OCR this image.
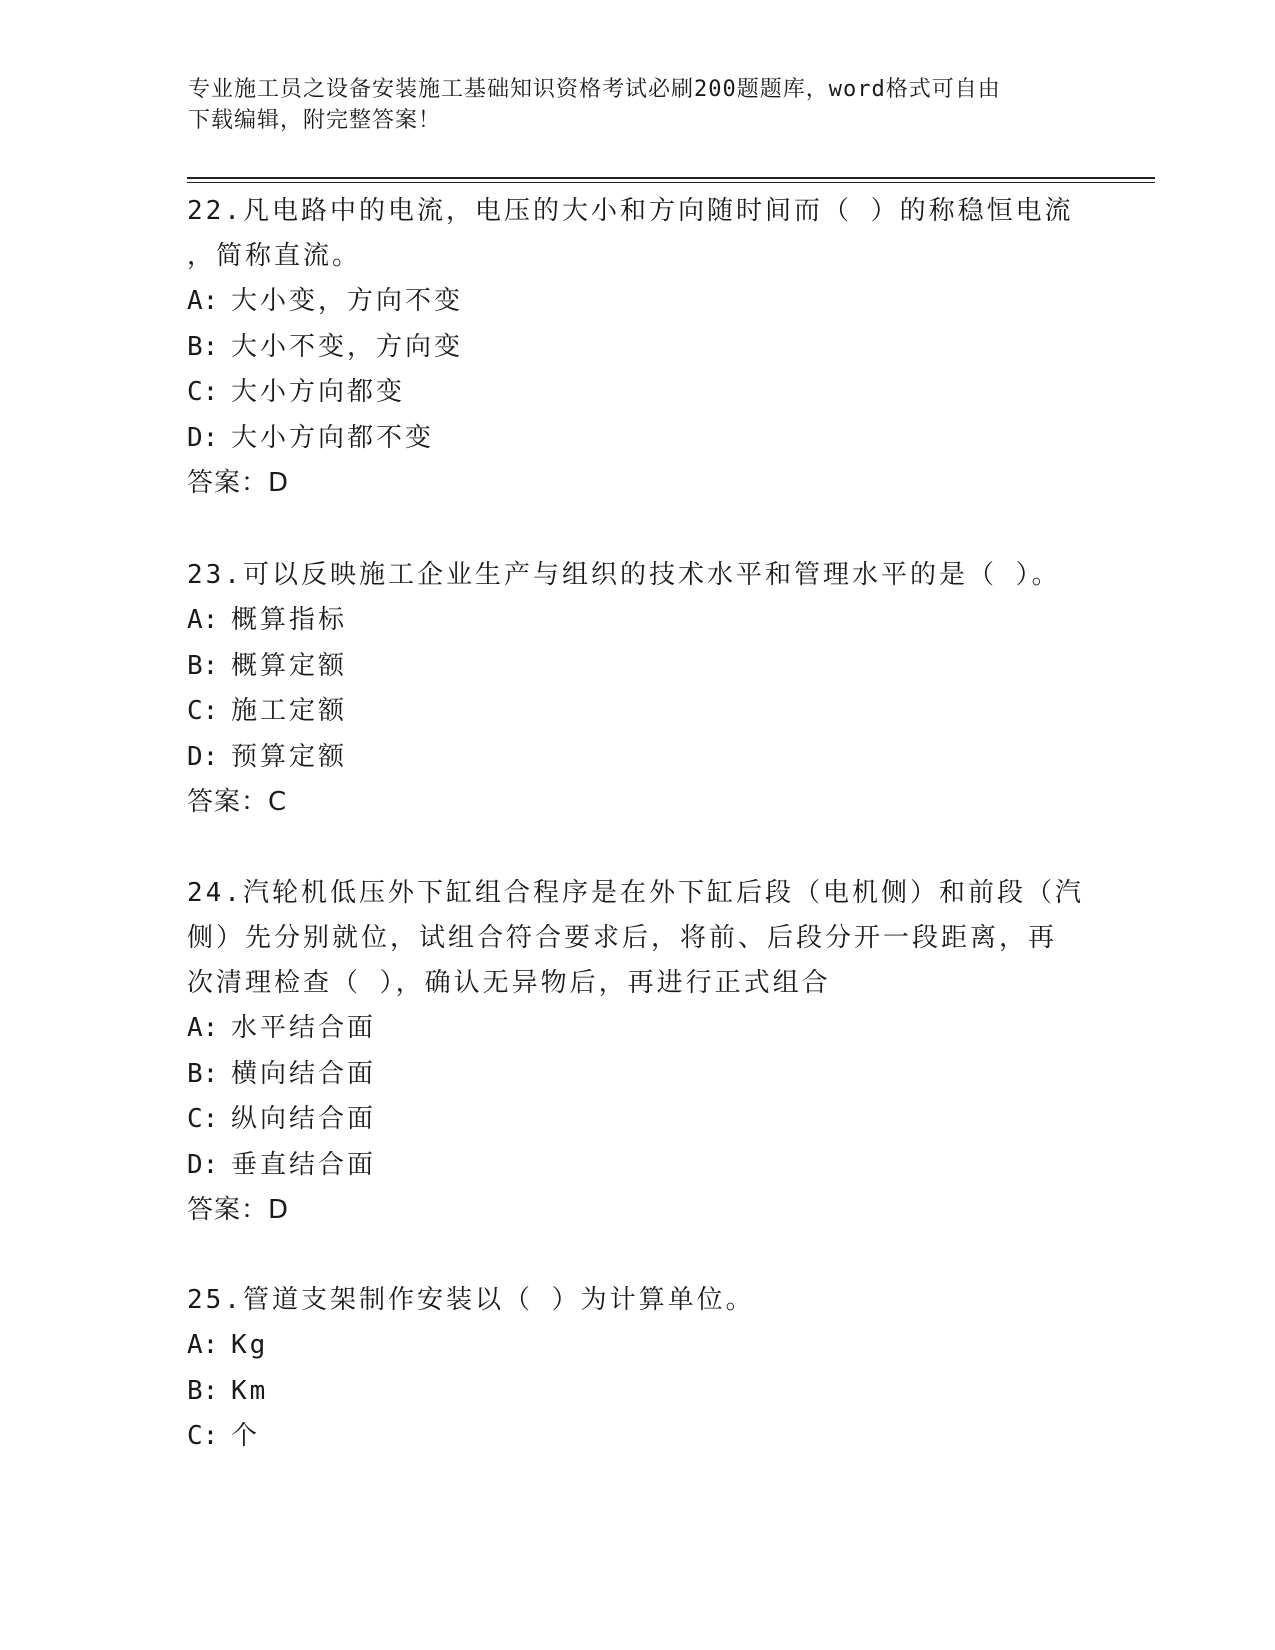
专业施工员之设备安装施工基础知识资格考试必刷200题题库，word格式可自由
下载编辑，附完整答案！

22.凡电路中的电流，电压的大小和方向随时间而（ ）的称稳恒电流

，简称直流。

A: 大小变，方向不变

B: 大小不变，方向变

C: 大小方向都变

D: 大小方向都不变

答案：D

23.可以反映施工企业生产与组织的技术水平和管理水平的是（ ）。

A: 概算指标

B: 概算定额

C: 施工定额

D: 预算定额

答案：C

24.汽轮机低压外下缸组合程序是在外下缸后段（电机侧）和前段（汽

侧）先分别就位，试组合符合要求后，将前、后段分开一段距离，再

次清理检查（ ），确认无异物后，再进行正式组合

A: 水平结合面

B: 横向结合面

C: 纵向结合面

D: 垂直结合面

答案：D

25.管道支架制作安装以（ ）为计算单位。

A: Kg

B: Km

C: 个
